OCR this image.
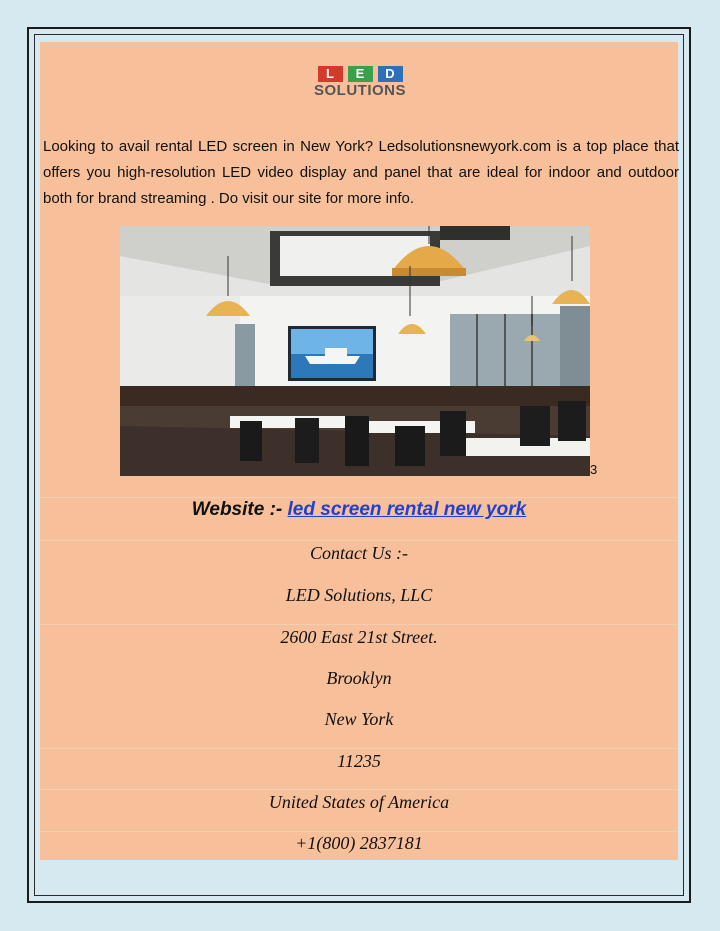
L	E	D
SOLUTIONS
Looking to avail rental LED screen in New York? Ledsolutionsnewyork.com is a top place that offers you high-resolution LED video display and panel that are ideal for indoor and outdoor both for brand streaming . Do visit our site for more info.
3
Website :- led screen rental new york
Contact Us :-
LED Solutions, LLC
2600 East 21st Street.
Brooklyn
New York
11235
United States of America
+1(800) 2837181
